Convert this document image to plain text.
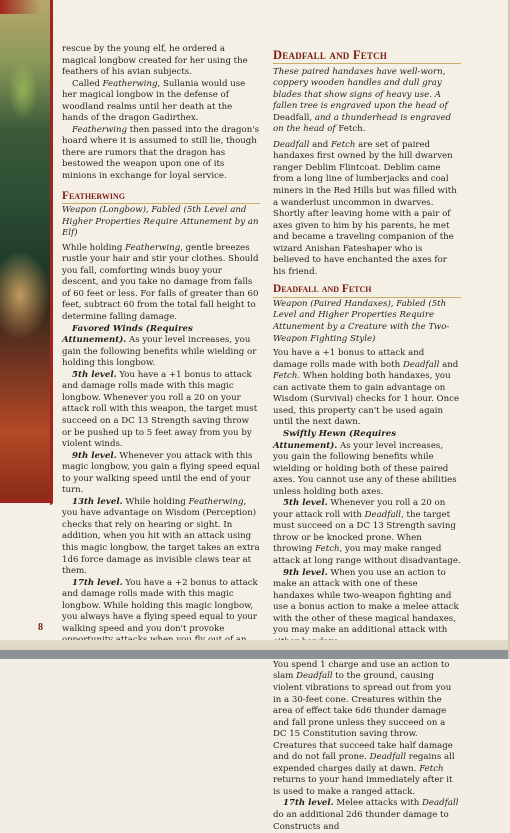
rescue by the young elf, he ordered a magical longbow created for her using the feathers of his avian subjects.

Called Featherwing, Sullania would use her magical longbow in the defense of woodland realms until her death at the hands of the dragon Gadirthex.

Featherwing then passed into the dragon's hoard where it is assumed to still lie, though there are rumors that the dragon has bestowed the weapon upon one of its minions in exchange for loyal service.

Featherwing

Weapon (Longbow), Fabled (5th Level and Higher Properties Require Attunement by an Elf)

While holding Featherwing, gentle breezes rustle your hair and stir your clothes. Should you fall, comforting winds buoy your descent, and you take no damage from falls of 60 feet or less. For falls of greater than 60 feet, subtract 60 from the total fall height to determine falling damage.

Favored Winds (Requires Attunement). As your level increases, you gain the following benefits while wielding or holding this longbow.

5th level. You have a +1 bonus to attack and damage rolls made with this magic longbow. Whenever you roll a 20 on your attack roll with this weapon, the target must succeed on a DC 13 Strength saving throw or be pushed up to 5 feet away from you by violent winds.

9th level. Whenever you attack with this magic longbow, you gain a flying speed equal to your walking speed until the end of your turn.

13th level. While holding Featherwing, you have advantage on Wisdom (Perception) checks that rely on hearing or sight. In addition, when you hit with an attack using this magic longbow, the target takes an extra 1d6 force damage as invisible claws tear at them.

17th level. You have a +2 bonus to attack and damage rolls made with this magic longbow. While holding this magic longbow, you always have a flying speed equal to your walking speed and you don't provoke

Deadfall and Fetch

These paired handaxes have well-worn, coppery wooden handles and dull gray blades that show signs of heavy use. A fallen tree is engraved upon the head of Deadfall, and a thunderhead is engraved on the head of Fetch.

Deadfall and Fetch are set of paired handaxes first owned by the hill dwarven ranger Deblim Flintcoat. Deblim came from a long line of lumberjacks and coal miners in the Red Hills but was filled with a wanderlust uncommon in dwarves. Shortly after leaving home with a pair of axes given to him by his parents, he met and became a traveling companion of the wizard Anishan Fateshaper who is believed to have enchanted the axes for his friend.

Deadfall and Fetch

Weapon (Paired Handaxes), Fabled (5th Level and Higher Properties Require Attunement by a Creature with the Two-Weapon Fighting Style)

You have a +1 bonus to attack and damage rolls made with both Deadfall and Fetch. When holding both handaxes, you can activate them to gain advantage on Wisdom (Survival) checks for 1 hour. Once used, this property can't be used again until the next dawn.

Swiftly Hewn (Requires Attunement). As your level increases, you gain the following benefits while wielding or holding both of these paired axes. You cannot use any of these abilities unless holding both axes.

5th level. Whenever you roll a 20 on your attack roll with Deadfall, the target must succeed on a DC 13 Strength saving throw or be knocked prone. When throwing Fetch, you may make ranged attack at long range without disadvantage.

9th level. When you use an action to make an attack with one of these handaxes while two-weapon fighting and use a bonus action to make a melee attack with the other of these magical handaxes, you may make an additional attack with

You spend 1 charge and use an action to slam Deadfall to the ground, causing violent vibrations to spread out from you in a 30-feet cone. Creatures within the area of effect take 6d6 thunder damage and fall prone unless they succeed on a DC 15 Constitution saving throw. Creatures that succeed take half damage and do not fall prone. Deadfall regains all expended charges daily at dawn. Fetch returns to your hand immediately after it is used to make a ranged attack.

17th level. Melee attacks with Deadfall do an additional 2d6 thunder damage to Constructs and

8
